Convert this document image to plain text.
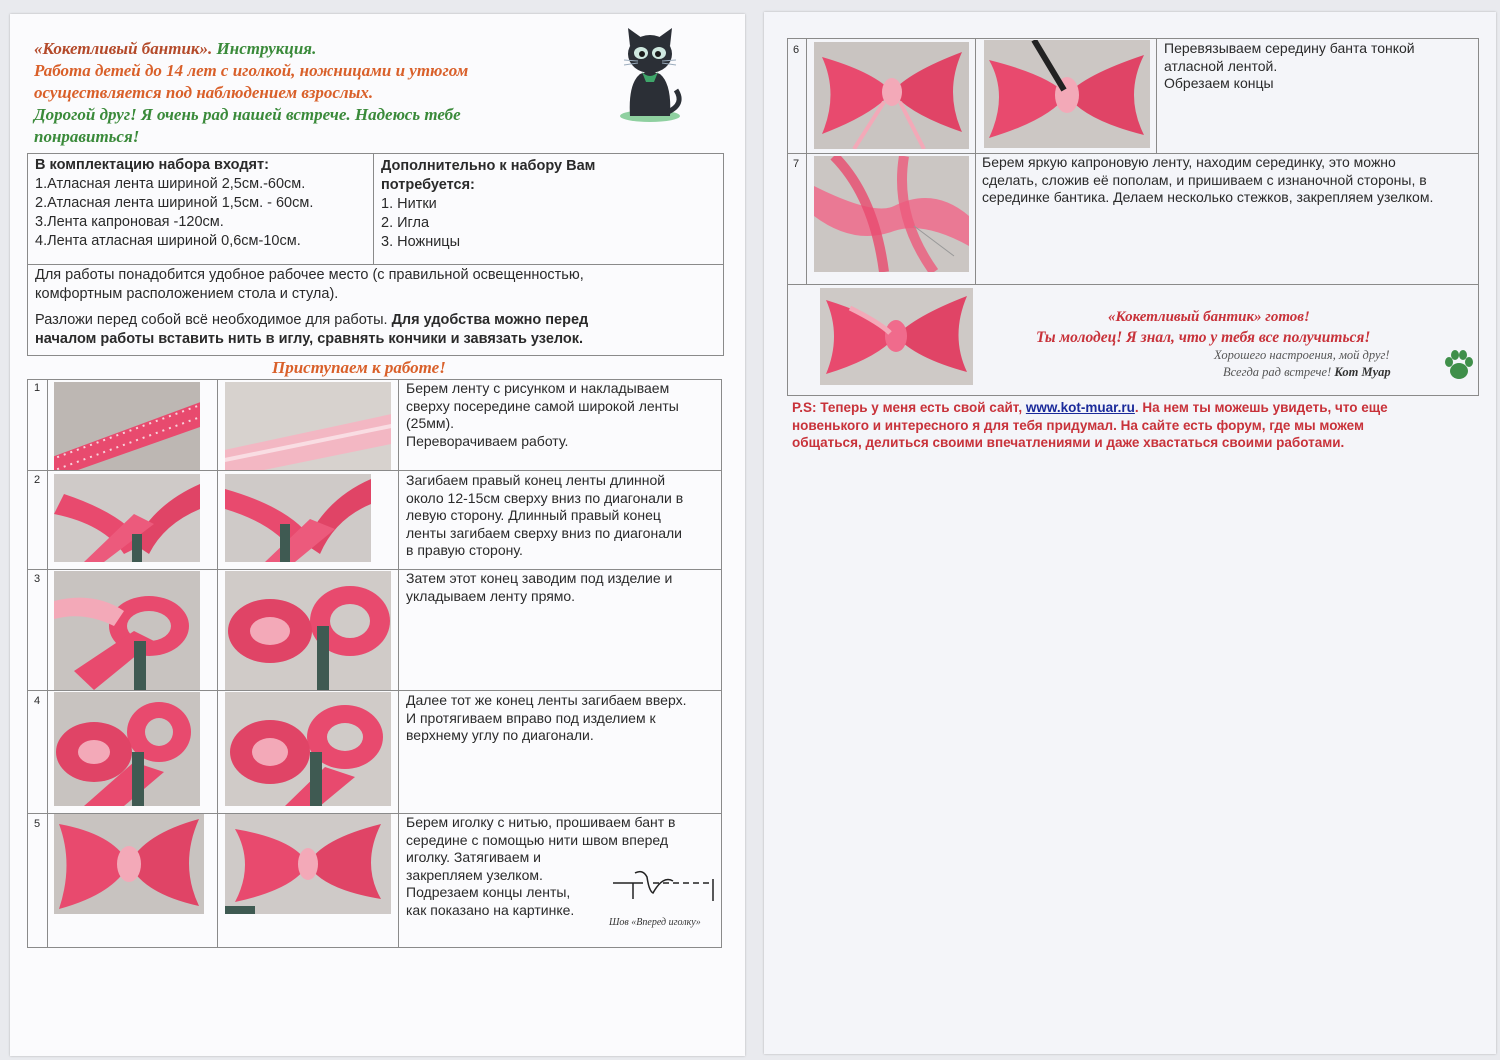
«Кокетливый бантик». Инструкция.
Работа детей до 14 лет с иголкой, ножницами и утюгом
осуществляется под наблюдением взрослых.
Дорогой друг! Я очень рад нашей встрече. Надеюсь тебе
понравиться!
В комплектацию набора входят:
1.Атласная лента шириной 2,5см.-60см.
2.Атласная лента шириной 1,5см. - 60см.
3.Лента капроновая -120см.
4.Лента атласная шириной 0,6см-10см.
Дополнительно к набору Вам
потребуется:
1. Нитки
2. Игла
3. Ножницы
Для работы понадобится удобное рабочее место (с правильной освещенностью,
комфортным расположением стола и стула).
Разложи перед собой всё необходимое для работы. Для удобства можно перед
началом работы вставить нить в иглу, сравнять кончики и завязать узелок.
Приступаем к работе!
1	Берем ленту с рисунком и накладываем
сверху посередине самой широкой ленты
(25мм).
Переворачиваем работу.
2	Загибаем правый конец ленты длинной
около 12-15см сверху вниз по диагонали в
левую сторону. Длинный правый конец
ленты загибаем сверху вниз по диагонали
в правую сторону.
3	Затем этот конец заводим под изделие и
укладываем ленту прямо.
4	Далее тот же конец ленты загибаем вверх.
И протягиваем вправо под изделием к
верхнему углу по диагонали.
5	Берем иголку с нитью, прошиваем бант в
середине с помощью нити швом вперед
иголку. Затягиваем и
закрепляем узелком.
Подрезаем концы ленты,
как показано на картинке.
Шов «Вперед иголку»
6	Перевязываем середину банта тонкой
атласной лентой.
Обрезаем концы
7	Берем яркую капроновую ленту, находим серединку, это можно
сделать, сложив её пополам, и пришиваем с изнаночной стороны, в
серединке бантика. Делаем несколько стежков, закрепляем узелком.
«Кокетливый бантик» готов!
Ты молодец! Я знал, что у тебя все получиться!
Хорошего настроения, мой друг!
Всегда рад встрече! Кот Муар
P.S: Теперь у меня есть свой сайт, www.kot-muar.ru. На нем ты можешь увидеть, что еще
новенького и интересного я для тебя придумал. На сайте есть форум, где мы можем
общаться, делиться своими впечатлениями и даже хвастаться своими работами.
